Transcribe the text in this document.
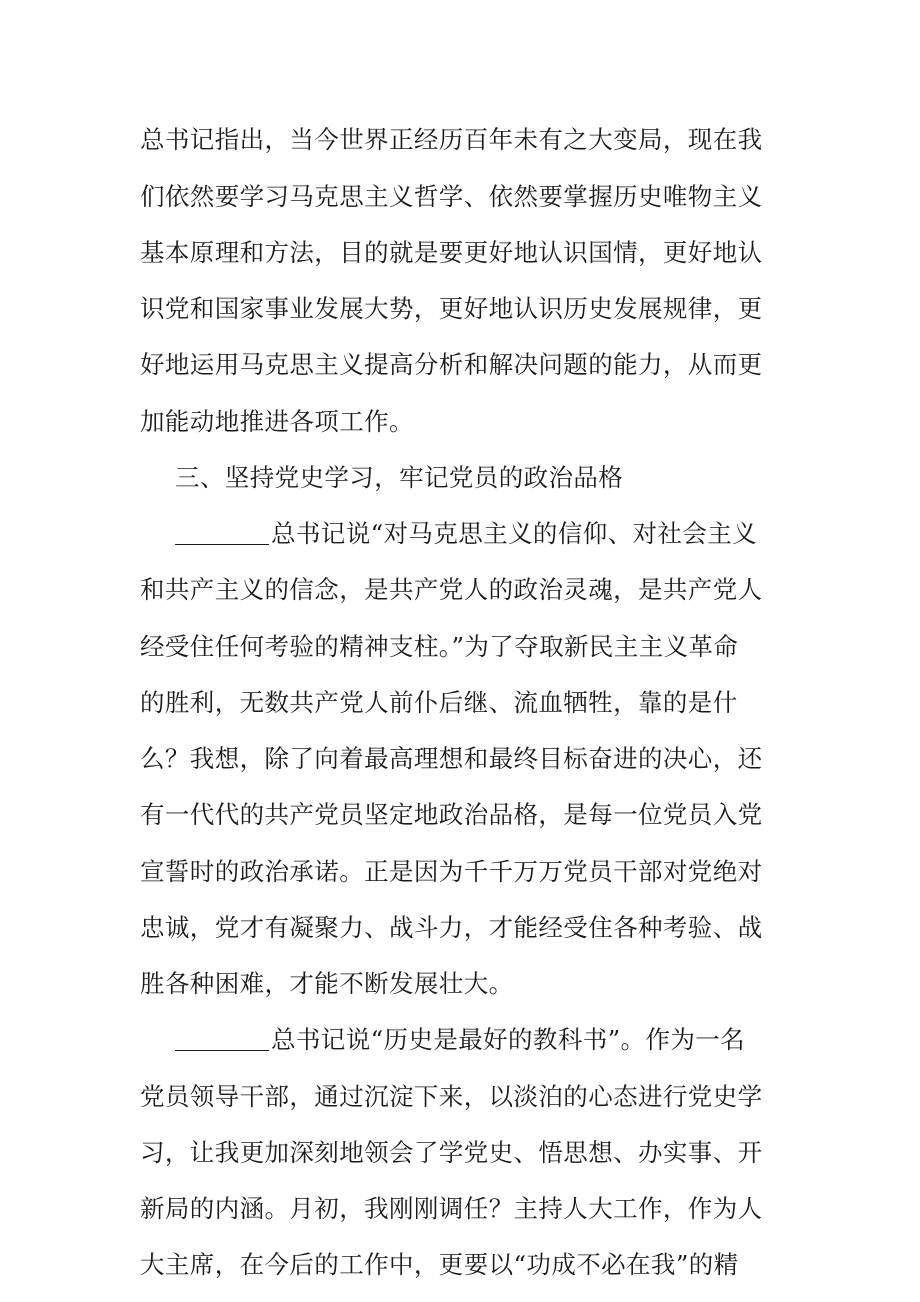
总书记指出，当今世界正经历百年未有之大变局，现在我
们依然要学习马克思主义哲学、依然要掌握历史唯物主义
基本原理和方法，目的就是要更好地认识国情，更好地认
识党和国家事业发展大势，更好地认识历史发展规律，更
好地运用马克思主义提高分析和解决问题的能力，从而更
加能动地推进各项工作。
三、坚持党史学习，牢记党员的政治品格
总书记说“对马克思主义的信仰、对社会主义
和共产主义的信念，是共产党人的政治灵魂，是共产党人
经受住任何考验的精神支柱。”为了夺取新民主主义革命
的胜利，无数共产党人前仆后继、流血牺牲，靠的是什
么？我想，除了向着最高理想和最终目标奋进的决心，还
有一代代的共产党员坚定地政治品格，是每一位党员入党
宣誓时的政治承诺。正是因为千千万万党员干部对党绝对
忠诚，党才有凝聚力、战斗力，才能经受住各种考验、战
胜各种困难，才能不断发展壮大。
总书记说“历史是最好的教科书”。作为一名
党员领导干部，通过沉淀下来，以淡泊的心态进行党史学
习，让我更加深刻地领会了学党史、悟思想、办实事、开
新局的内涵。月初，我刚刚调任？主持人大工作，作为人
大主席，在今后的工作中，更要以“功成不必在我”的精
